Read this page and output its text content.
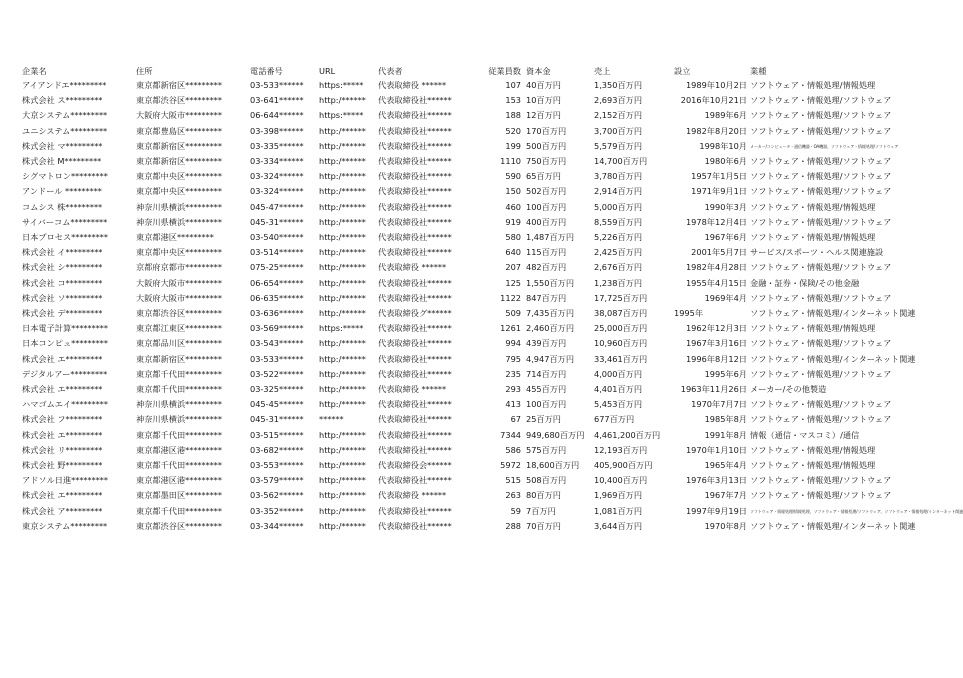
企業名	住所	電話番号	URL	代表者	従業員数	資本金	売上	設立	業種
アイアンドエ*********	東京都新宿区*********	03-533******	https:*****	代表取締役 ******	107	40百万円	1,350百万円	1989年10月2日	ソフトウェア・情報処理/情報処理
株式会社 ス*********	東京都渋谷区*********	03-641******	http:/******	代表取締役社******	153	10百万円	2,693百万円	2016年10月21日	ソフトウェア・情報処理/ソフトウェア
大京システム*********	大阪府大阪市*********	06-644******	https:*****	代表取締役社******	188	12百万円	2,152百万円	1989年6月	ソフトウェア・情報処理/ソフトウェア
ユニシステム*********	東京都豊島区*********	03-398******	http:/******	代表取締役社******	520	170百万円	3,700百万円	1982年8月20日	ソフトウェア・情報処理/ソフトウェア
株式会社 マ*********	東京都新宿区*********	03-335******	http:/******	代表取締役社******	199	500百万円	5,579百万円	1998年10月	メーカー/コンピュータ・通信機器・OA機器、ソフトウェア・情報処理/ソフトウェア
株式会社 M*********	東京都新宿区*********	03-334******	http:/******	代表取締役社******	1110	750百万円	14,700百万円	1980年6月	ソフトウェア・情報処理/ソフトウェア
シグマトロン*********	東京都中央区*********	03-324******	http:/******	代表取締役社******	590	65百万円	3,780百万円	1957年1月5日	ソフトウェア・情報処理/ソフトウェア
アンドール *********	東京都中央区*********	03-324******	http:/******	代表取締役社******	150	502百万円	2,914百万円	1971年9月1日	ソフトウェア・情報処理/ソフトウェア
コムシス 株*********	神奈川県横浜*********	045-47******	http:/******	代表取締役社******	460	100百万円	5,000百万円	1990年3月	ソフトウェア・情報処理/情報処理
サイバーコム*********	神奈川県横浜*********	045-31******	http:/******	代表取締役社******	919	400百万円	8,559百万円	1978年12月4日	ソフトウェア・情報処理/ソフトウェア
日本プロセス*********	東京都港区*********	03-540******	http:/******	代表取締役社******	580	1,487百万円	5,226百万円	1967年6月	ソフトウェア・情報処理/情報処理
株式会社 イ*********	東京都中央区*********	03-514******	http:/******	代表取締役社******	640	115百万円	2,425百万円	2001年5月7日	サービス/スポーツ・ヘルス関連施設
株式会社 シ*********	京都府京都市*********	075-25******	http:/******	代表取締役 ******	207	482百万円	2,676百万円	1982年4月28日	ソフトウェア・情報処理/ソフトウェア
株式会社 コ*********	大阪府大阪市*********	06-654******	http:/******	代表取締役社******	125	1,550百万円	1,238百万円	1955年4月15日	金融・証券・保険/その他金融
株式会社 ソ*********	大阪府大阪市*********	06-635******	http:/******	代表取締役社******	1122	847百万円	17,725百万円	1969年4月	ソフトウェア・情報処理/ソフトウェア
株式会社 デ*********	東京都渋谷区*********	03-636******	http:/******	代表取締役グ******	509	7,435百万円	38,087百万円	1995年	ソフトウェア・情報処理/インターネット関連
日本電子計算*********	東京都江東区*********	03-569******	https:*****	代表取締役社******	1261	2,460百万円	25,000百万円	1962年12月3日	ソフトウェア・情報処理/情報処理
日本コンピュ*********	東京都品川区*********	03-543******	http:/******	代表取締役社******	994	439百万円	10,960百万円	1967年3月16日	ソフトウェア・情報処理/ソフトウェア
株式会社 エ*********	東京都新宿区*********	03-533******	http:/******	代表取締役社******	795	4,947百万円	33,461百万円	1996年8月12日	ソフトウェア・情報処理/インターネット関連
デジタルアー*********	東京都千代田*********	03-522******	http:/******	代表取締役社******	235	714百万円	4,000百万円	1995年6月	ソフトウェア・情報処理/ソフトウェア
株式会社 エ*********	東京都千代田*********	03-325******	http:/******	代表取締役 ******	293	455百万円	4,401百万円	1963年11月26日	メーカー/その他製造
ハマゴムエイ*********	神奈川県横浜*********	045-45******	http:/******	代表取締役社******	413	100百万円	5,453百万円	1970年7月7日	ソフトウェア・情報処理/ソフトウェア
株式会社 フ*********	神奈川県横浜*********	045-31******	******	代表取締役社******	67	25百万円	677百万円	1985年8月	ソフトウェア・情報処理/ソフトウェア
株式会社 エ*********	東京都千代田*********	03-515******	http:/******	代表取締役社******	7344	949,680百万円	4,461,200百万円	1991年8月	情報（通信・マスコミ）/通信
株式会社 リ*********	東京都港区港*********	03-682******	http:/******	代表取締役社******	586	575百万円	12,193百万円	1970年1月10日	ソフトウェア・情報処理/情報処理
株式会社 野*********	東京都千代田*********	03-553******	http:/******	代表取締役会******	5972	18,600百万円	405,900百万円	1965年4月	ソフトウェア・情報処理/情報処理
アドソル日進*********	東京都港区港*********	03-579******	http:/******	代表取締役社******	515	508百万円	10,400百万円	1976年3月13日	ソフトウェア・情報処理/ソフトウェア
株式会社 エ*********	東京都墨田区*********	03-562******	http:/******	代表取締役 ******	263	80百万円	1,969百万円	1967年7月	ソフトウェア・情報処理/ソフトウェア
株式会社 ア*********	東京都千代田*********	03-352******	http:/******	代表取締役社******	59	7百万円	1,081百万円	1997年9月19日	ソフトウェア・情報処理/情報処理、ソフトウェア・情報処理/ソフトウェア、ソフトウェア・情報処理/インターネット関連
東京システム*********	東京都渋谷区*********	03-344******	http:/******	代表取締役社******	288	70百万円	3,644百万円	1970年8月	ソフトウェア・情報処理/インターネット関連
